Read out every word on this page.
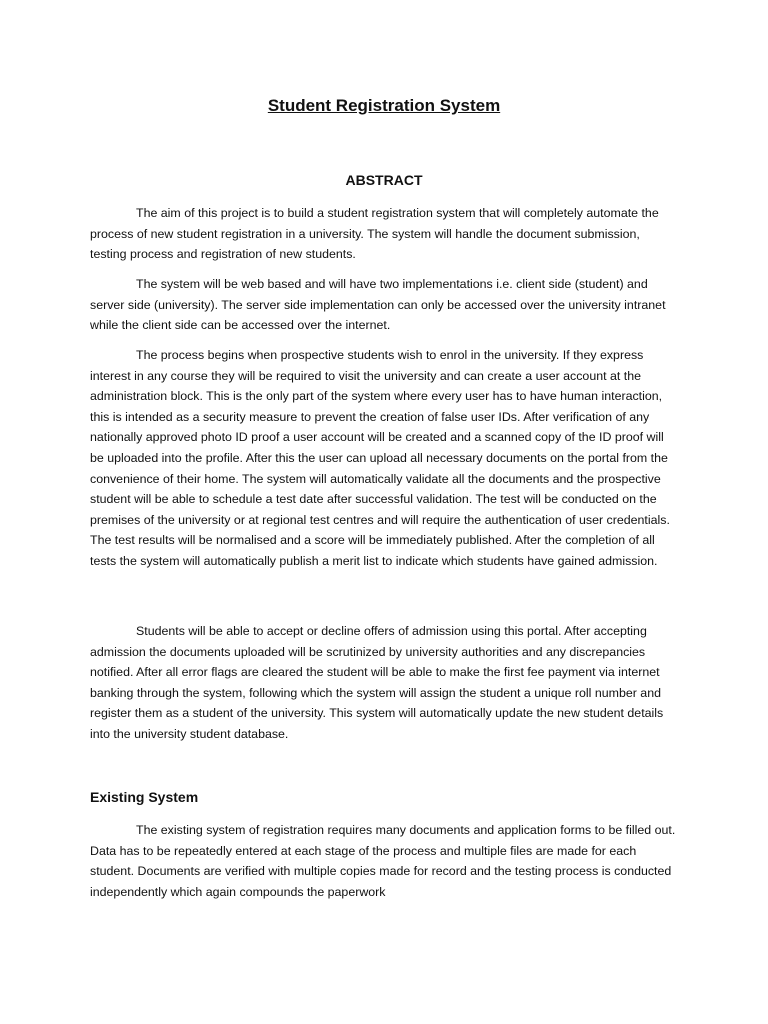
Student Registration System
ABSTRACT

The aim of this project is to build a student registration system that will completely automate the process of new student registration in a university. The system will handle the document submission, testing process and registration of new students.

The system will be web based and will have two implementations i.e. client side (student) and server side (university). The server side implementation can only be accessed over the university intranet while the client side can be accessed over the internet.

The process begins when prospective students wish to enrol in the university. If they express interest in any course they will be required to visit the university and can create a user account at the administration block. This is the only part of the system where every user has to have human interaction, this is intended as a security measure to prevent the creation of false user IDs. After verification of any nationally approved photo ID proof a user account will be created and a scanned copy of the ID proof will be uploaded into the profile. After this the user can upload all necessary documents on the portal from the convenience of their home. The system will automatically validate all the documents and the prospective student will be able to schedule a test date after successful validation. The test will be conducted on the premises of the university or at regional test centres and will require the authentication of user credentials. The test results will be normalised and a score will be immediately published. After the completion of all tests the system will automatically publish a merit list to indicate which students have gained admission.

Students will be able to accept or decline offers of admission using this portal. After accepting admission the documents uploaded will be scrutinized by university authorities and any discrepancies notified. After all error flags are cleared the student will be able to make the first fee payment via internet banking through the system, following which the system will assign the student a unique roll number and register them as a student of the university. This system will automatically update the new student details into the university student database.

Existing System

The existing system of registration requires many documents and application forms to be filled out. Data has to be repeatedly entered at each stage of the process and multiple files are made for each student. Documents are verified with multiple copies made for record and the testing process is conducted independently which again compounds the paperwork
